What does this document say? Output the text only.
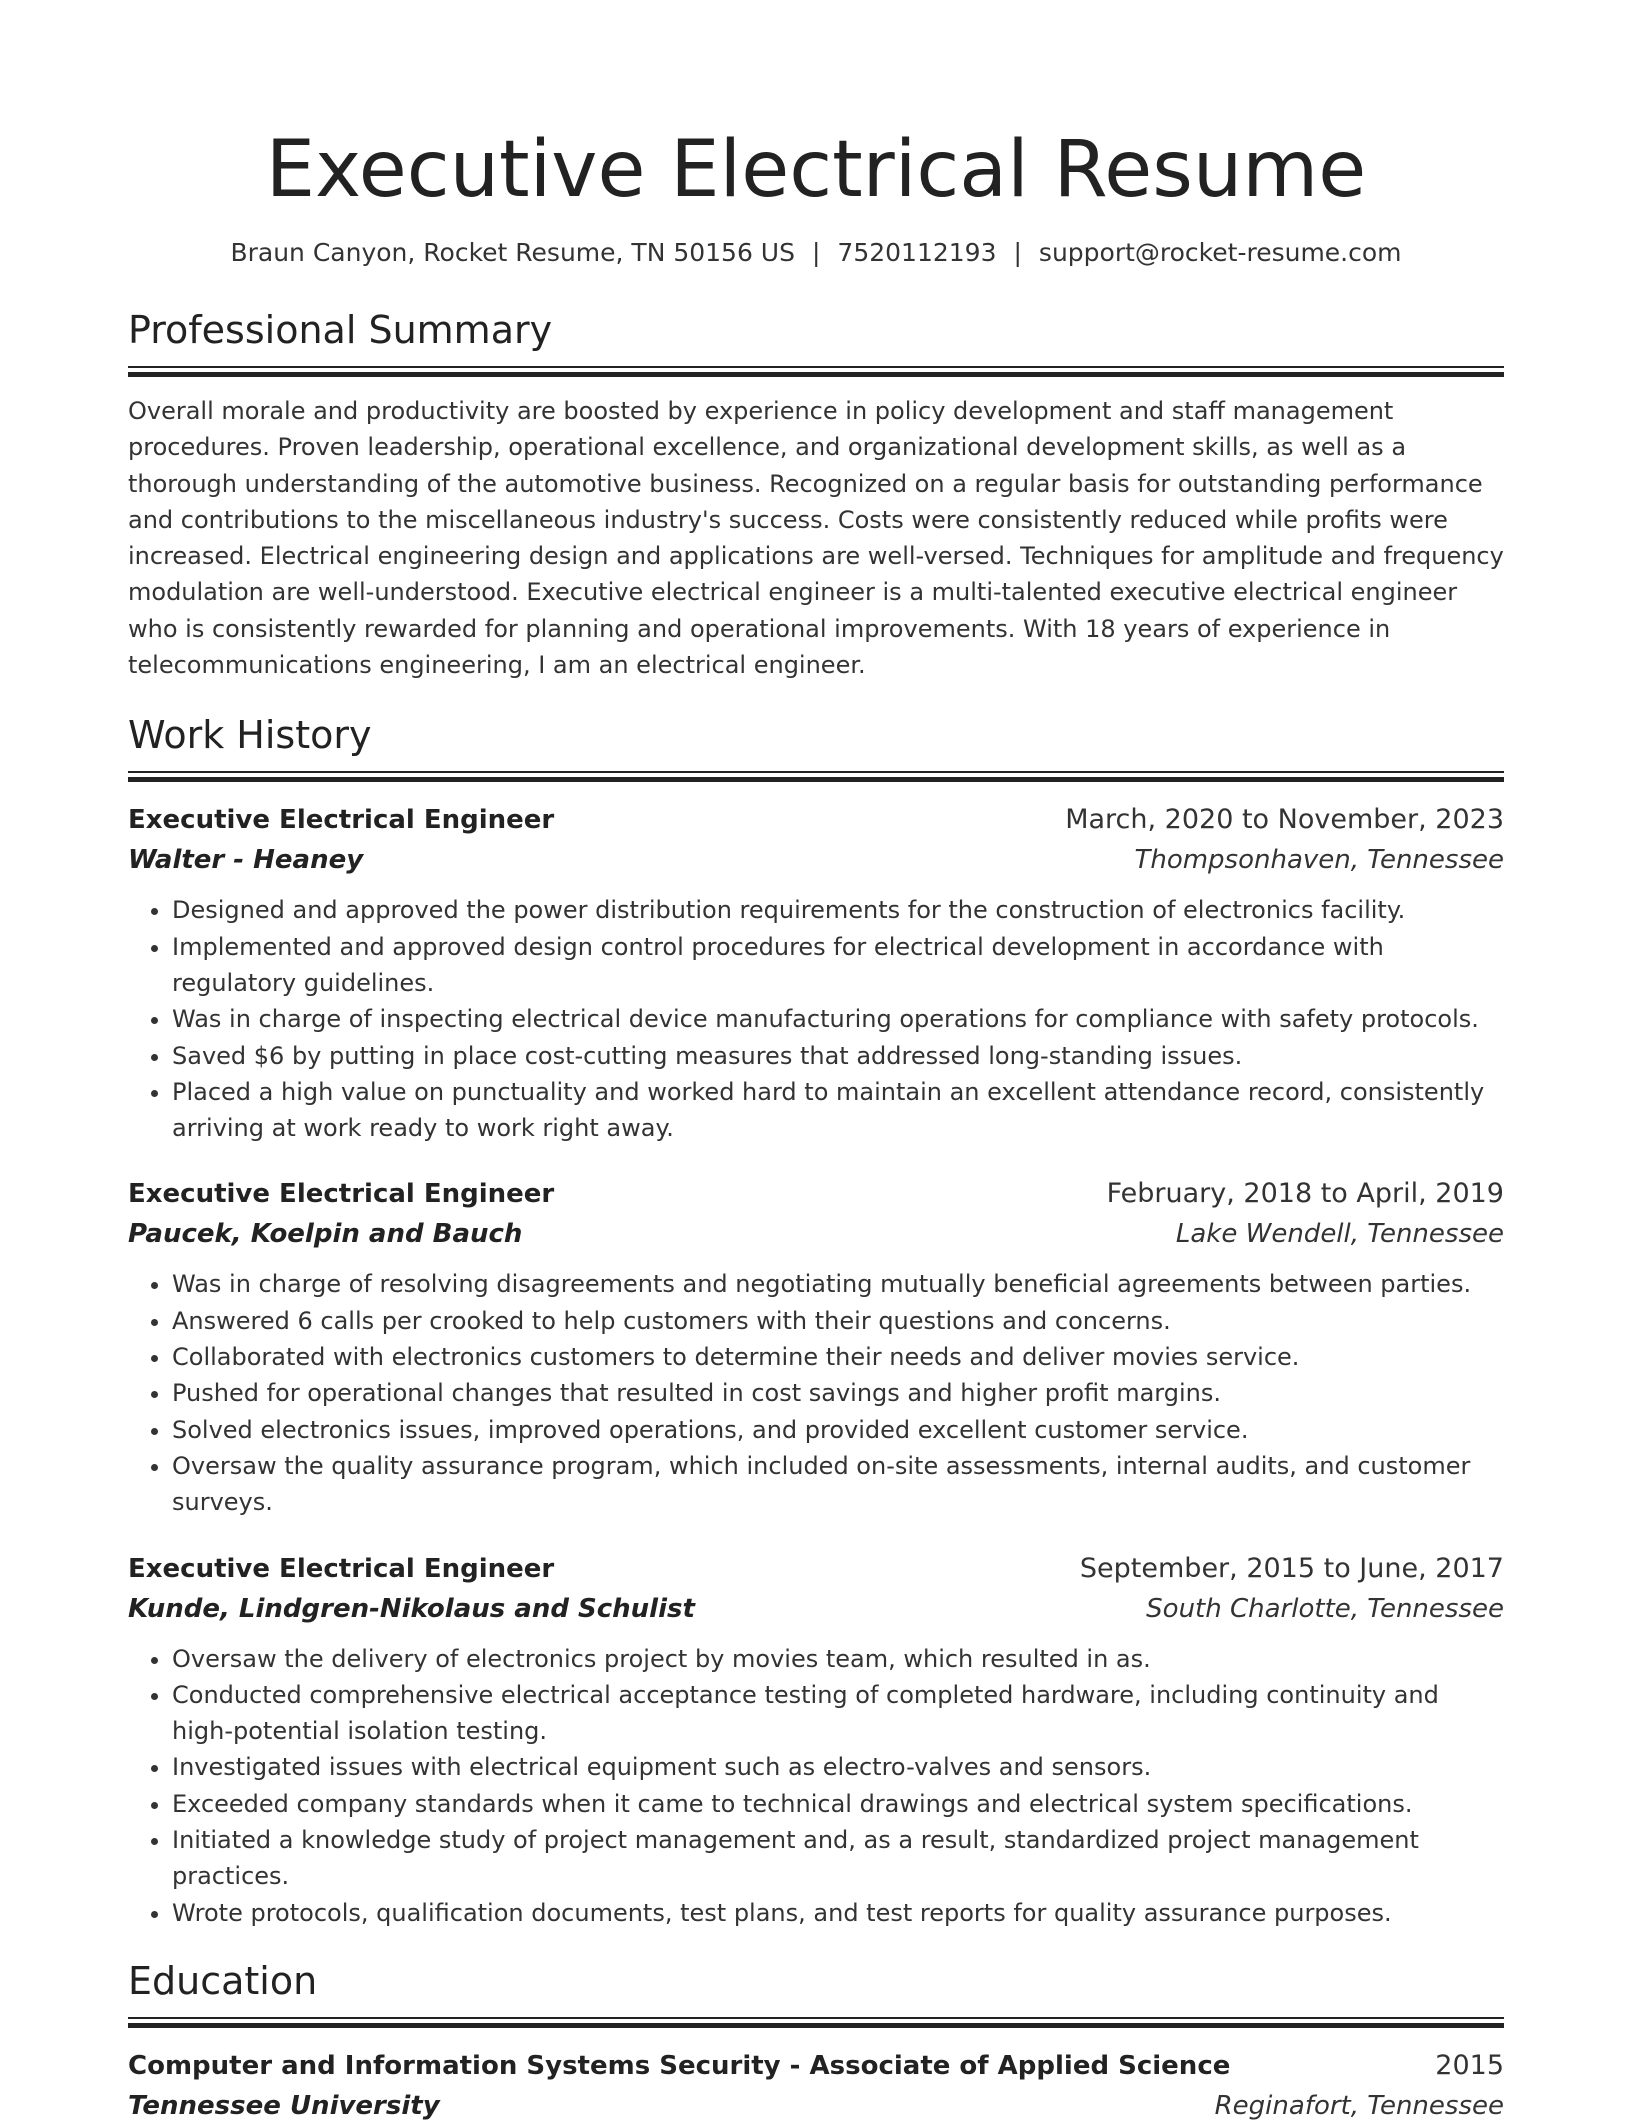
Executive Electrical Resume
Braun Canyon, Rocket Resume, TN 50156 US | 7520112193 | support@rocket-resume.com
Professional Summary

Overall morale and productivity are boosted by experience in policy development and staff management procedures. Proven leadership, operational excellence, and organizational development skills, as well as a thorough understanding of the automotive business. Recognized on a regular basis for outstanding performance and contributions to the miscellaneous industry's success. Costs were consistently reduced while profits were increased. Electrical engineering design and applications are well-versed. Techniques for amplitude and frequency modulation are well-understood. Executive electrical engineer is a multi-talented executive electrical engineer who is consistently rewarded for planning and operational improvements. With 18 years of experience in telecommunications engineering, I am an electrical engineer.

Work History
Executive Electrical Engineer	March, 2020 to November, 2023
Walter - Heaney	Thompsonhaven, Tennessee
• Designed and approved the power distribution requirements for the construction of electronics facility.
• Implemented and approved design control procedures for electrical development in accordance with regulatory guidelines.
• Was in charge of inspecting electrical device manufacturing operations for compliance with safety protocols.
• Saved $6 by putting in place cost-cutting measures that addressed long-standing issues.
• Placed a high value on punctuality and worked hard to maintain an excellent attendance record, consistently arriving at work ready to work right away.
Executive Electrical Engineer	February, 2018 to April, 2019
Paucek, Koelpin and Bauch	Lake Wendell, Tennessee
• Was in charge of resolving disagreements and negotiating mutually beneficial agreements between parties.
• Answered 6 calls per crooked to help customers with their questions and concerns.
• Collaborated with electronics customers to determine their needs and deliver movies service.
• Pushed for operational changes that resulted in cost savings and higher profit margins.
• Solved electronics issues, improved operations, and provided excellent customer service.
• Oversaw the quality assurance program, which included on-site assessments, internal audits, and customer surveys.
Executive Electrical Engineer	September, 2015 to June, 2017
Kunde, Lindgren-Nikolaus and Schulist	South Charlotte, Tennessee
• Oversaw the delivery of electronics project by movies team, which resulted in as.
• Conducted comprehensive electrical acceptance testing of completed hardware, including continuity and high-potential isolation testing.
• Investigated issues with electrical equipment such as electro-valves and sensors.
• Exceeded company standards when it came to technical drawings and electrical system specifications.
• Initiated a knowledge study of project management and, as a result, standardized project management practices.
• Wrote protocols, qualification documents, test plans, and test reports for quality assurance purposes.
Education
Computer and Information Systems Security - Associate of Applied Science	2015
Tennessee University	Reginafort, Tennessee
